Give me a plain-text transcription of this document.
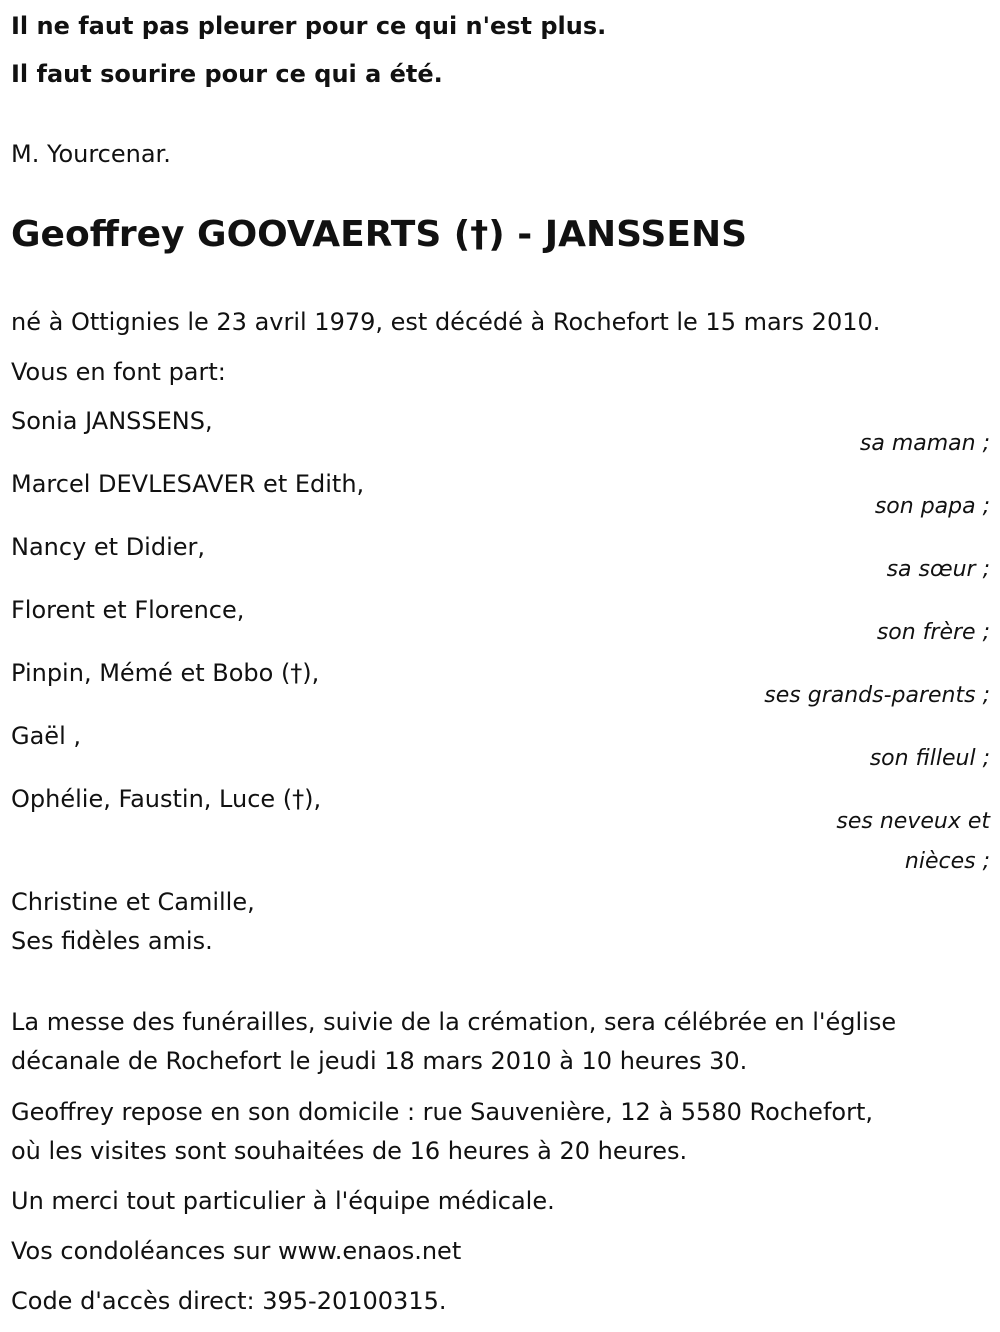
Il ne faut pas pleurer pour ce qui n'est plus.
Il faut sourire pour ce qui a été.
M. Yourcenar.
Geoffrey GOOVAERTS (†) - JANSSENS
né à Ottignies le 23 avril 1979, est décédé à Rochefort le 15 mars 2010.
Vous en font part:
Sonia JANSSENS,
sa maman ;
Marcel DEVLESAVER et Edith,
son papa ;
Nancy et Didier,
sa sœur ;
Florent et Florence,
son frère ;
Pinpin, Mémé et Bobo (†),
ses grands-parents ;
Gaël ,
son filleul ;
Ophélie, Faustin, Luce (†),
ses neveux et
nièces ;
Christine et Camille,
Ses fidèles amis.
La messe des funérailles, suivie de la crémation, sera célébrée en l'église
décanale de Rochefort le jeudi 18 mars 2010 à 10 heures 30.
Geoffrey repose en son domicile : rue Sauvenière, 12 à 5580 Rochefort,
où les visites sont souhaitées de 16 heures à 20 heures.
Un merci tout particulier à l'équipe médicale.
Vos condoléances sur www.enaos.net
Code d'accès direct: 395-20100315.
